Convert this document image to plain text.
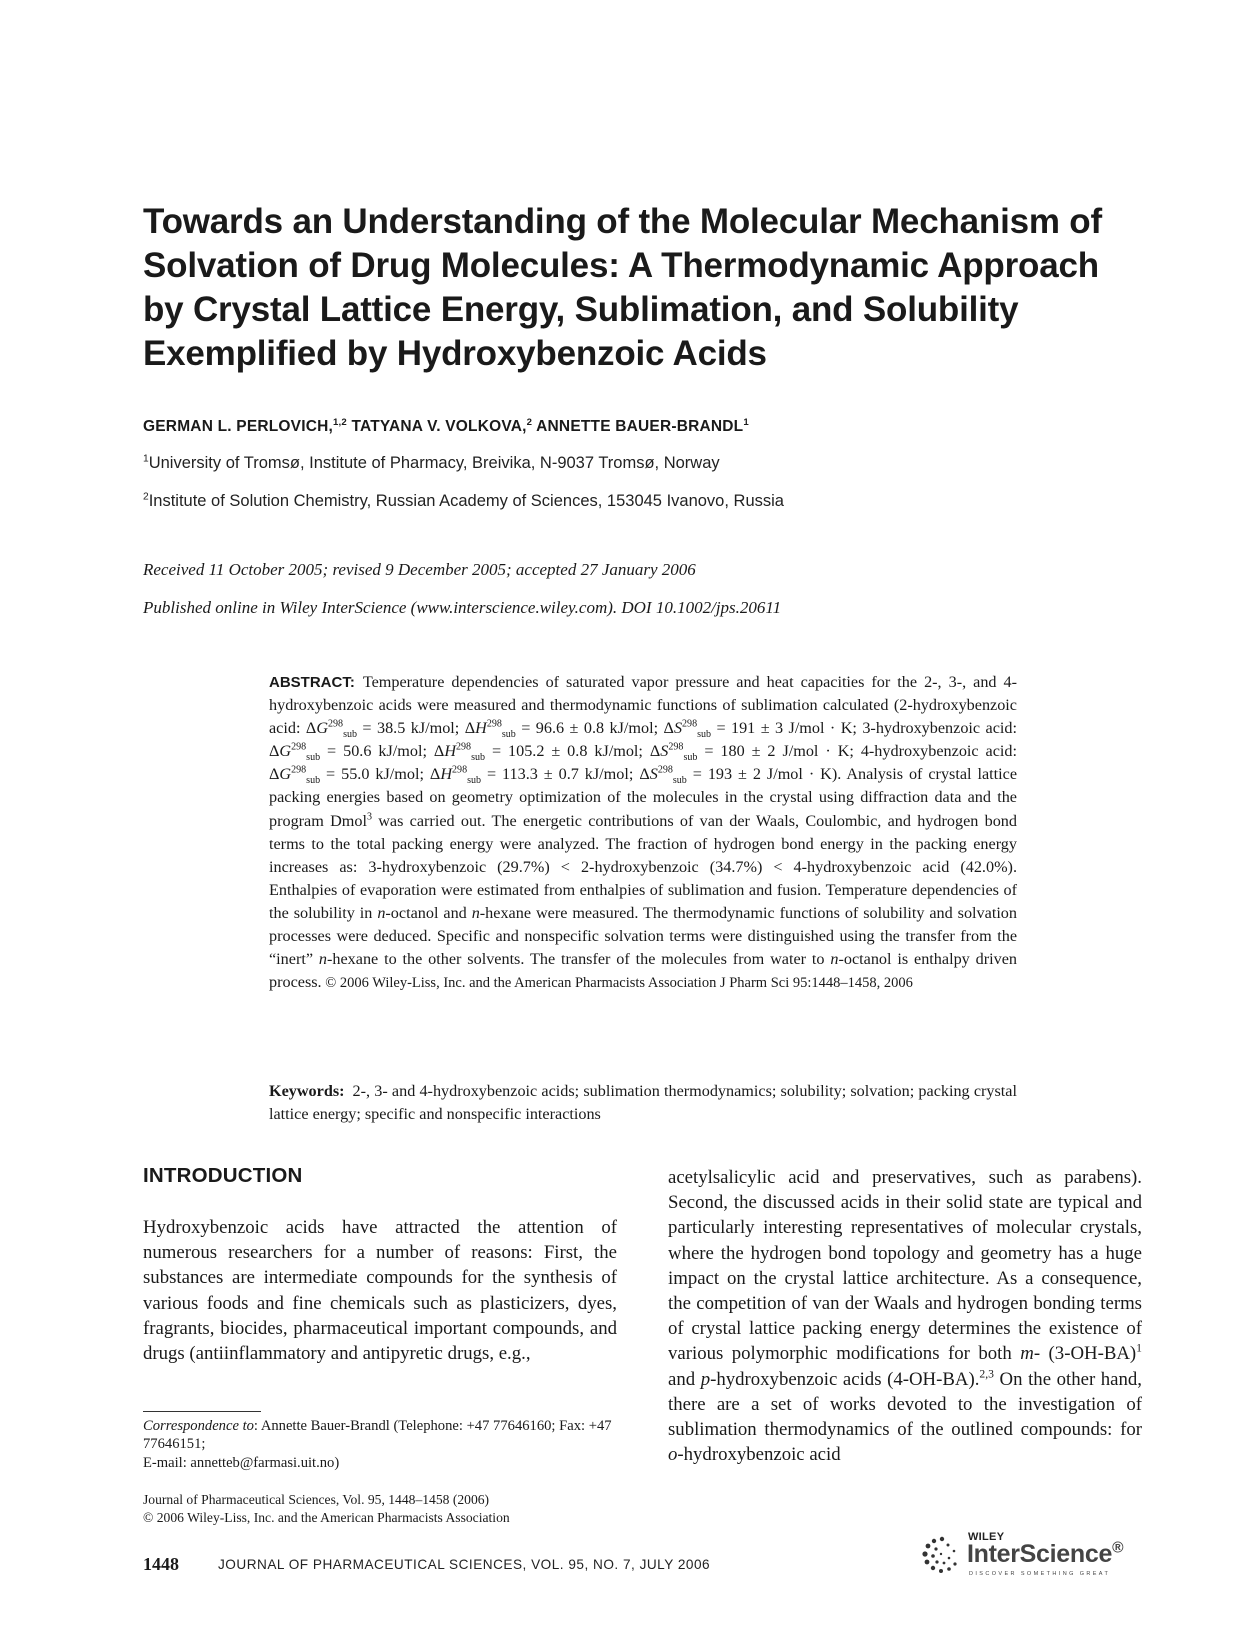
Towards an Understanding of the Molecular Mechanism of Solvation of Drug Molecules: A Thermodynamic Approach by Crystal Lattice Energy, Sublimation, and Solubility Exemplified by Hydroxybenzoic Acids
GERMAN L. PERLOVICH,$^{1,2}$ TATYANA V. VOLKOVA,$^2$ ANNETTE BAUER-BRANDL$^1$
$^1$University of Tromsø, Institute of Pharmacy, Breivika, N-9037 Tromsø, Norway
$^2$Institute of Solution Chemistry, Russian Academy of Sciences, 153045 Ivanovo, Russia
Received 11 October 2005; revised 9 December 2005; accepted 27 January 2006
Published online in Wiley InterScience (www.interscience.wiley.com). DOI 10.1002/jps.20611

ABSTRACT: Temperature dependencies of saturated vapor pressure and heat capacities for the 2-, 3-, and 4-hydroxybenzoic acids were measured and thermodynamic functions of sublimation calculated (2-hydroxybenzoic acid: $\Delta G^{298}_{sub} = 38.5$ kJ/mol; $\Delta H^{298}_{sub} = 96.6 \pm 0.8$ kJ/mol; $\Delta S^{298}_{sub} = 191 \pm 3$ J/mol · K; 3-hydroxybenzoic acid: $\Delta G^{298}_{sub} = 50.6$ kJ/mol; $\Delta H^{298}_{sub} = 105.2 \pm 0.8$ kJ/mol; $\Delta S^{298}_{sub} = 180 \pm 2$ J/mol · K; 4-hydroxybenzoic acid: $\Delta G^{298}_{sub} = 55.0$ kJ/mol; $\Delta H^{298}_{sub} = 113.3 \pm 0.7$ kJ/mol; $\Delta S^{298}_{sub} = 193 \pm 2$ J/mol · K). Analysis of crystal lattice packing energies based on geometry optimization of the molecules in the crystal using diffraction data and the program Dmol$^3$ was carried out. The energetic contributions of van der Waals, Coulombic, and hydrogen bond terms to the total packing energy were analyzed. The fraction of hydrogen bond energy in the packing energy increases as: 3-hydroxybenzoic (29.7%) < 2-hydroxybenzoic (34.7%) < 4-hydroxybenzoic acid (42.0%). Enthalpies of evaporation were estimated from enthalpies of sublimation and fusion. Temperature dependencies of the solubility in n-octanol and n-hexane were measured. The thermodynamic functions of solubility and solvation processes were deduced. Specific and nonspecific solvation terms were distinguished using the transfer from the “inert” n-hexane to the other solvents. The transfer of the molecules from water to n-octanol is enthalpy driven process. © 2006 Wiley-Liss, Inc. and the American Pharmacists Association J Pharm Sci 95:1448–1458, 2006

Keywords: 2-, 3- and 4-hydroxybenzoic acids; sublimation thermodynamics; solubility; solvation; packing crystal lattice energy; specific and nonspecific interactions

INTRODUCTION

Hydroxybenzoic acids have attracted the attention of numerous researchers for a number of reasons: First, the substances are intermediate compounds for the synthesis of various foods and fine chemicals such as plasticizers, dyes, fragrants, biocides, pharmaceutical important compounds, and drugs (antiinflammatory and antipyretic drugs, e.g.,

acetylsalicylic acid and preservatives, such as parabens). Second, the discussed acids in their solid state are typical and particularly interesting representatives of molecular crystals, where the hydrogen bond topology and geometry has a huge impact on the crystal lattice architecture. As a consequence, the competition of van der Waals and hydrogen bonding terms of crystal lattice packing energy determines the existence of various polymorphic modifications for both m- $(3-OH-BA)^1$ and p-hydroxybenzoic acids (4-OH-BA).$^{2,3}$ On the other hand, there are a set of works devoted to the investigation of sublimation thermodynamics of the outlined compounds: for o-hydroxybenzoic acid

Correspondence to: Annette Bauer-Brandl (Telephone: +47 77646160; Fax: +47 77646151;
E-mail: annetteb@farmasi.uit.no)

Journal of Pharmaceutical Sciences, Vol. 95, 1448–1458 (2006)
© 2006 Wiley-Liss, Inc. and the American Pharmacists Association

1448	JOURNAL OF PHARMACEUTICAL SCIENCES, VOL. 95, NO. 7, JULY 2006
WILEY
InterScience®
DISCOVER SOMETHING GREAT
